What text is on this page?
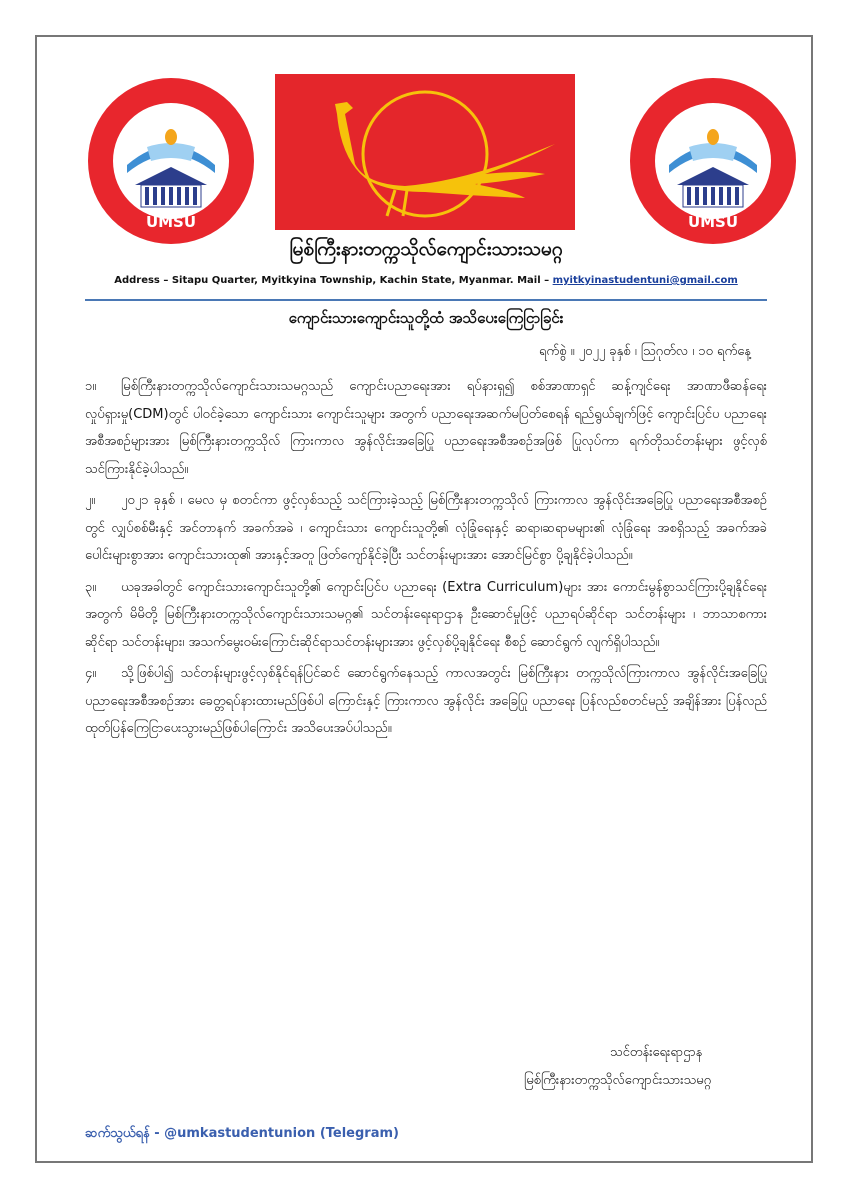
UMSU	UMSU
မြစ်ကြီးနားတက္ကသိုလ်ကျောင်းသားသမဂ္ဂ
Address – Sitapu Quarter, Myitkyina Township, Kachin State, Myanmar. Mail – myitkyinastudentuni@gmail.com
ကျောင်းသားကျောင်းသူတို့ထံ အသိပေးကြေငြာခြင်း
ရက်စွဲ ။ ၂၀၂၂ ခုနှစ် ၊ ဩဂုတ်လ ၊ ၁၀ ရက်နေ့

၁။ မြစ်ကြီးနားတက္ကသိုလ်ကျောင်းသားသမဂ္ဂသည် ကျောင်းပညာရေးအား ရပ်နားရှ၍ စစ်အာဏာရှင် ဆန့်ကျင်ရေး အာဏာဖီဆန်ရေးလှုပ်ရှားမှု(CDM)တွင် ပါဝင်ခဲ့သော ကျောင်းသား ကျောင်းသူများ အတွက် ပညာရေးအဆက်မပြတ်စေရန် ရည်ရွယ်ချက်ဖြင့် ကျောင်းပြင်ပ ပညာရေး အစီအစဉ်များအား မြစ်ကြီးနားတက္ကသိုလ် ကြားကာလ အွန်လိုင်းအခြေပြု ပညာရေးအစီအစဉ်အဖြစ် ပြုလုပ်ကာ ရက်တိုသင်တန်းများ ဖွင့်လှစ်သင်ကြားနိုင်ခဲ့ပါသည်။

၂။ ၂၀၂၁ ခုနှစ် ၊ မေလ မှ စတင်ကာ ဖွင့်လှစ်သည့် သင်ကြားခဲ့သည့် မြစ်ကြီးနားတက္ကသိုလ် ကြားကာလ အွန်လိုင်းအခြေပြု ပညာရေးအစီအစဉ်တွင် လျှပ်စစ်မီးနှင့် အင်တာနက် အခက်အခဲ ၊ ကျောင်းသား ကျောင်းသူတို့၏ လုံခြုံရေးနှင့် ဆရာ၊ဆရာမများ၏ လုံခြုံရေး အစရှိသည့် အခက်အခဲ ပေါင်းများစွာအား ကျောင်းသားထု၏ အားနှင့်အတူ ဖြတ်ကျော်နိုင်ခဲ့ပြီး သင်တန်းများအား အောင်မြင်စွာ ပို့ချနိုင်ခဲ့ပါသည်။

၃။ ယခုအခါတွင် ကျောင်းသားကျောင်းသူတို့၏ ကျောင်းပြင်ပ ပညာရေး (Extra Curriculum)များ အား ကောင်းမွန်စွာသင်ကြားပို့ချနိုင်ရေးအတွက် မိမိတို့ မြစ်ကြီးနားတက္ကသိုလ်ကျောင်းသားသမဂ္ဂ၏ သင်တန်းရေးရာဌာန ဦးဆောင်မှုဖြင့် ပညာရပ်ဆိုင်ရာ သင်တန်းများ ၊ ဘာသာစကားဆိုင်ရာ သင်တန်းများ၊ အသက်မွေးဝမ်းကြောင်းဆိုင်ရာသင်တန်းများအား ဖွင့်လှစ်ပို့ချနိုင်ရေး စီစဉ် ဆောင်ရွက် လျက်ရှိပါသည်။

၄။ သို့ဖြစ်ပါ၍ သင်တန်းများဖွင့်လှစ်နိုင်ရန်ပြင်ဆင် ဆောင်ရွက်နေသည့် ကာလအတွင်း မြစ်ကြီးနား တက္ကသိုလ်ကြားကာလ အွန်လိုင်းအခြေပြု ပညာရေးအစီအစဉ်အား ခေတ္တရပ်နားထားမည်ဖြစ်ပါ ကြောင်းနှင့် ကြားကာလ အွန်လိုင်း အခြေပြု ပညာရေး ပြန်လည်စတင်မည့် အချိန်အား ပြန်လည် ထုတ်ပြန်ကြေငြာပေးသွားမည်ဖြစ်ပါကြောင်း အသိပေးအပ်ပါသည်။

သင်တန်းရေးရာဌာန
မြစ်ကြီးနားတက္ကသိုလ်ကျောင်းသားသမဂ္ဂ
ဆက်သွယ်ရန် - @umkastudentunion (Telegram)
